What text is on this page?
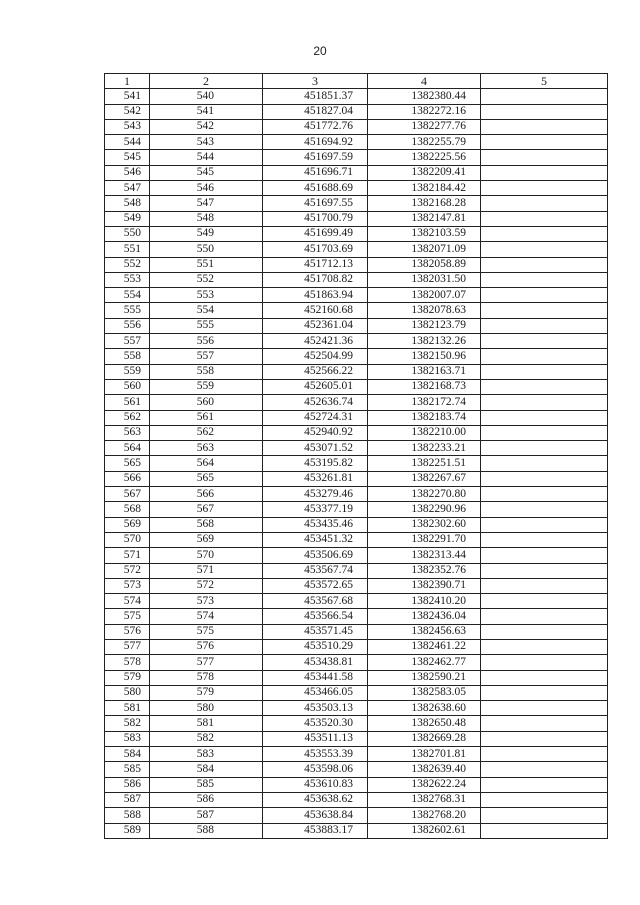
20
1	2	3	4	5
541	540	451851.37	1382380.44	
542	541	451827.04	1382272.16	
543	542	451772.76	1382277.76	
544	543	451694.92	1382255.79	
545	544	451697.59	1382225.56	
546	545	451696.71	1382209.41	
547	546	451688.69	1382184.42	
548	547	451697.55	1382168.28	
549	548	451700.79	1382147.81	
550	549	451699.49	1382103.59	
551	550	451703.69	1382071.09	
552	551	451712.13	1382058.89	
553	552	451708.82	1382031.50	
554	553	451863.94	1382007.07	
555	554	452160.68	1382078.63	
556	555	452361.04	1382123.79	
557	556	452421.36	1382132.26	
558	557	452504.99	1382150.96	
559	558	452566.22	1382163.71	
560	559	452605.01	1382168.73	
561	560	452636.74	1382172.74	
562	561	452724.31	1382183.74	
563	562	452940.92	1382210.00	
564	563	453071.52	1382233.21	
565	564	453195.82	1382251.51	
566	565	453261.81	1382267.67	
567	566	453279.46	1382270.80	
568	567	453377.19	1382290.96	
569	568	453435.46	1382302.60	
570	569	453451.32	1382291.70	
571	570	453506.69	1382313.44	
572	571	453567.74	1382352.76	
573	572	453572.65	1382390.71	
574	573	453567.68	1382410.20	
575	574	453566.54	1382436.04	
576	575	453571.45	1382456.63	
577	576	453510.29	1382461.22	
578	577	453438.81	1382462.77	
579	578	453441.58	1382590.21	
580	579	453466.05	1382583.05	
581	580	453503.13	1382638.60	
582	581	453520.30	1382650.48	
583	582	453511.13	1382669.28	
584	583	453553.39	1382701.81	
585	584	453598.06	1382639.40	
586	585	453610.83	1382622.24	
587	586	453638.62	1382768.31	
588	587	453638.84	1382768.20	
589	588	453883.17	1382602.61	
